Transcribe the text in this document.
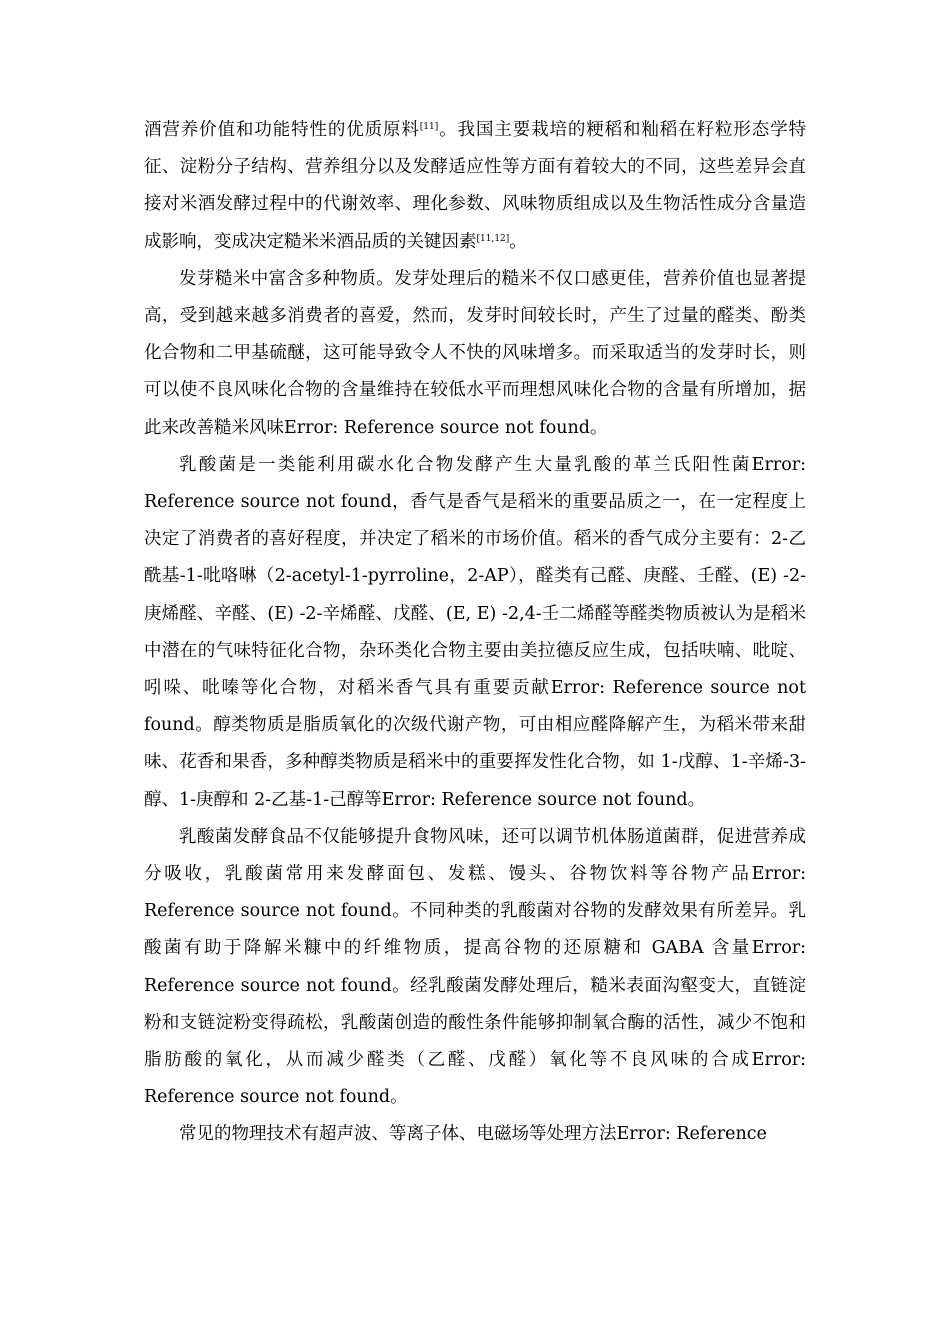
酒营养价值和功能特性的优质原料[11]。我国主要栽培的粳稻和籼稻在籽粒形态学特征、淀粉分子结构、营养组分以及发酵适应性等方面有着较大的不同，这些差异会直接对米酒发酵过程中的代谢效率、理化参数、风味物质组成以及生物活性成分含量造成影响，变成决定糙米米酒品质的关键因素[11,12]。

发芽糙米中富含多种物质。发芽处理后的糙米不仅口感更佳，营养价值也显著提高，受到越来越多消费者的喜爱，然而，发芽时间较长时，产生了过量的醛类、酚类化合物和二甲基硫醚，这可能导致令人不快的风味增多。而采取适当的发芽时长，则可以使不良风味化合物的含量维持在较低水平而理想风味化合物的含量有所增加，据此来改善糙米风味Error: Reference source not found。

乳酸菌是一类能利用碳水化合物发酵产生大量乳酸的革兰氏阳性菌Error: Reference source not found，香气是香气是稻米的重要品质之一，在一定程度上决定了消费者的喜好程度，并决定了稻米的市场价值。稻米的香气成分主要有：2-乙酰基-1-吡咯啉（2-acetyl-1-pyrroline，2-AP），醛类有己醛、庚醛、壬醛、(E) -2-庚烯醛、辛醛、(E) -2-辛烯醛、戊醛、(E, E) -2,4-壬二烯醛等醛类物质被认为是稻米中潜在的气味特征化合物，杂环类化合物主要由美拉德反应生成，包括呋喃、吡啶、吲哚、吡嗪等化合物，对稻米香气具有重要贡献Error: Reference source not found。醇类物质是脂质氧化的次级代谢产物，可由相应醛降解产生，为稻米带来甜味、花香和果香，多种醇类物质是稻米中的重要挥发性化合物，如 1-戊醇、1-辛烯-3-醇、1-庚醇和 2-乙基-1-己醇等Error: Reference source not found。

乳酸菌发酵食品不仅能够提升食物风味，还可以调节机体肠道菌群，促进营养成分吸收，乳酸菌常用来发酵面包、发糕、馒头、谷物饮料等谷物产品Error: Reference source not found。不同种类的乳酸菌对谷物的发酵效果有所差异。乳酸菌有助于降解米糠中的纤维物质，提高谷物的还原糖和 GABA 含量Error: Reference source not found。经乳酸菌发酵处理后，糙米表面沟壑变大，直链淀粉和支链淀粉变得疏松，乳酸菌创造的酸性条件能够抑制氧合酶的活性，减少不饱和脂肪酸的氧化，从而减少醛类（乙醛、戊醛）氧化等不良风味的合成Error: Reference source not found。

常见的物理技术有超声波、等离子体、电磁场等处理方法Error: Reference
